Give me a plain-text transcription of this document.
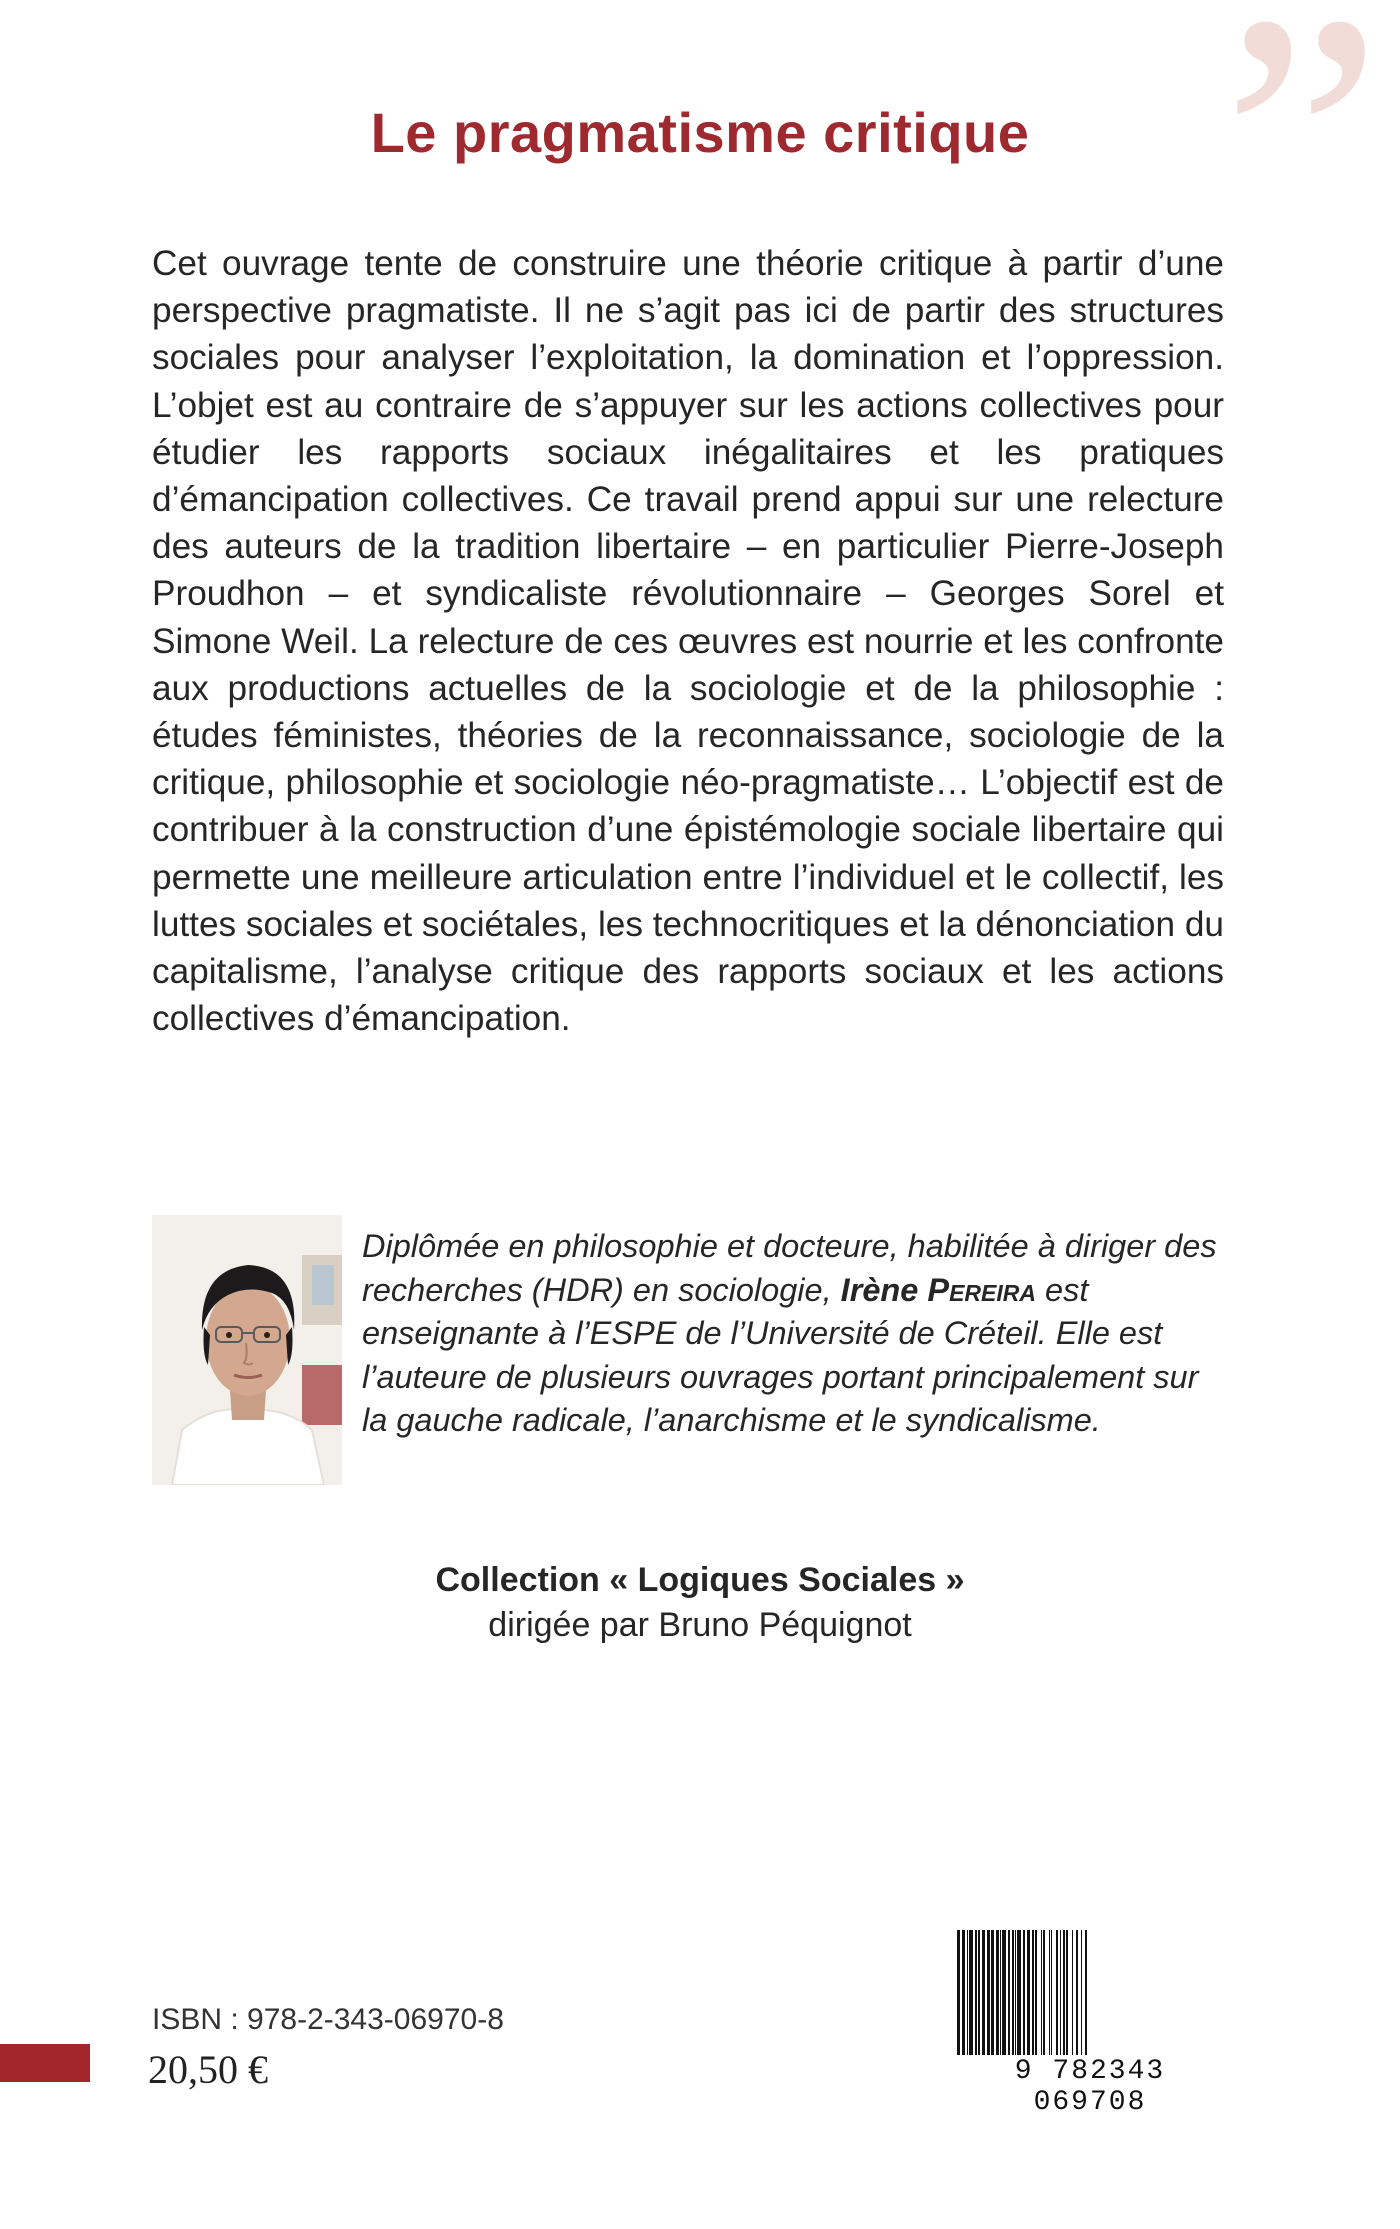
”
Le pragmatisme critique

Cet ouvrage tente de construire une théorie critique à partir d’une perspective pragmatiste. Il ne s’agit pas ici de partir des structures sociales pour analyser l’exploitation, la domination et l’oppression. L’objet est au contraire de s’appuyer sur les actions collectives pour étudier les rapports sociaux inégalitaires et les pratiques d’émancipation collectives. Ce travail prend appui sur une relecture des auteurs de la tradition libertaire – en particulier Pierre-Joseph Proudhon – et syndicaliste révolutionnaire – Georges Sorel et Simone Weil. La relecture de ces œuvres est nourrie et les confronte aux productions actuelles de la sociologie et de la philosophie : études féministes, théories de la reconnaissance, sociologie de la critique, philosophie et sociologie néo-pragmatiste… L’objectif est de contribuer à la construction d’une épistémologie sociale libertaire qui permette une meilleure articulation entre l’individuel et le collectif, les luttes sociales et sociétales, les technocritiques et la dénonciation du capitalisme, l’analyse critique des rapports sociaux et les actions collectives d’émancipation.

Diplômée en philosophie et docteure, habilitée à diriger des recherches (HDR) en sociologie, Irène Pereira est enseignante à l’ESPE de l’Université de Créteil. Elle est l’auteure de plusieurs ouvrages portant principalement sur la gauche radicale, l’anarchisme et le syndicalisme.

Collection « Logiques Sociales »
dirigée par Bruno Péquignot
ISBN : 978-2-343-06970-8
20,50 €	9 782343 069708
